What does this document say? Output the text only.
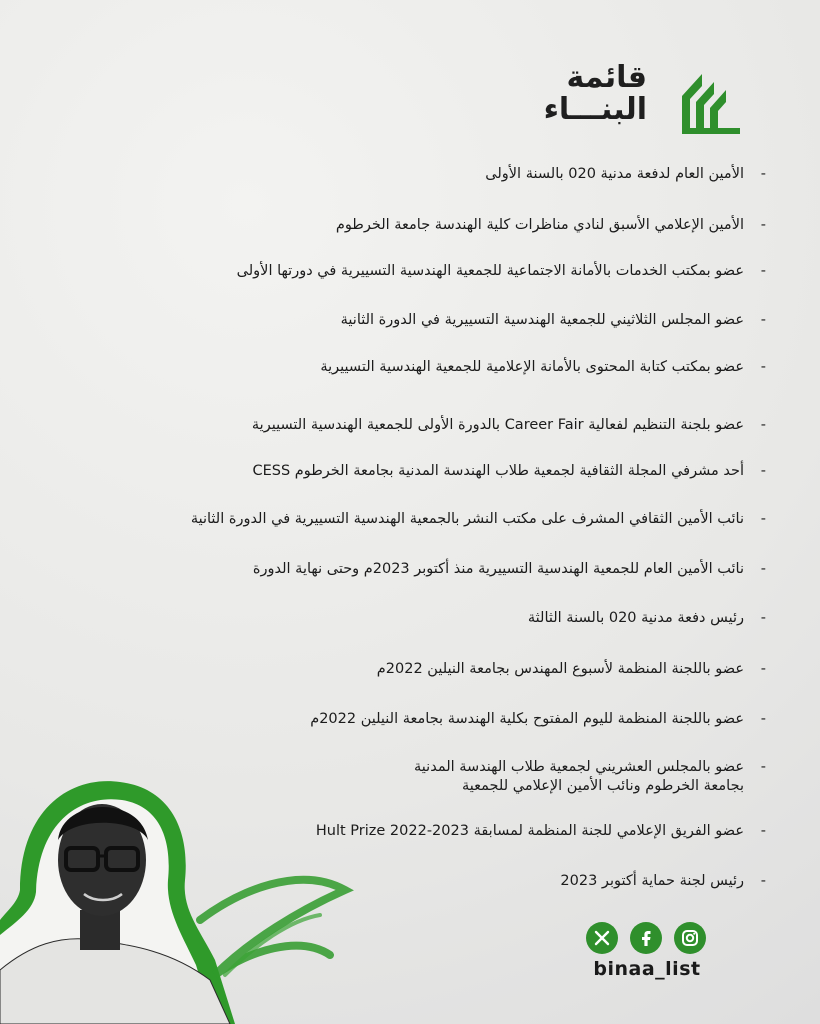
قائمة
البنـــاء
- الأمين العام لدفعة مدنية 020 بالسنة الأولى
- الأمين الإعلامي الأسبق لنادي مناظرات كلية الهندسة جامعة الخرطوم
- عضو بمكتب الخدمات بالأمانة الاجتماعية للجمعية الهندسية التسييرية في دورتها الأولى
- عضو المجلس الثلاثيني للجمعية الهندسية التسييرية في الدورة الثانية
- عضو بمكتب كتابة المحتوى بالأمانة الإعلامية للجمعية الهندسية التسييرية
- عضو بلجنة التنظيم لفعالية Career Fair بالدورة الأولى للجمعية الهندسية التسييرية
- أحد مشرفي المجلة الثقافية لجمعية طلاب الهندسة المدنية بجامعة الخرطوم CESS
- نائب الأمين الثقافي المشرف على مكتب النشر بالجمعية الهندسية التسييرية في الدورة الثانية
- نائب الأمين العام للجمعية الهندسية التسييرية منذ أكتوبر 2023م وحتى نهاية الدورة
- رئيس دفعة مدنية 020 بالسنة الثالثة
- عضو باللجنة المنظمة لأسبوع المهندس بجامعة النيلين 2022م
- عضو باللجنة المنظمة لليوم المفتوح بكلية الهندسة بجامعة النيلين 2022م
- عضو بالمجلس العشريني لجمعية طلاب الهندسة المدنية بجامعة الخرطوم ونائب الأمين الإعلامي للجمعية
- عضو الفريق الإعلامي للجنة المنظمة لمسابقة Hult Prize 2022-2023
- رئيس لجنة حماية أكتوبر 2023
binaa_list
